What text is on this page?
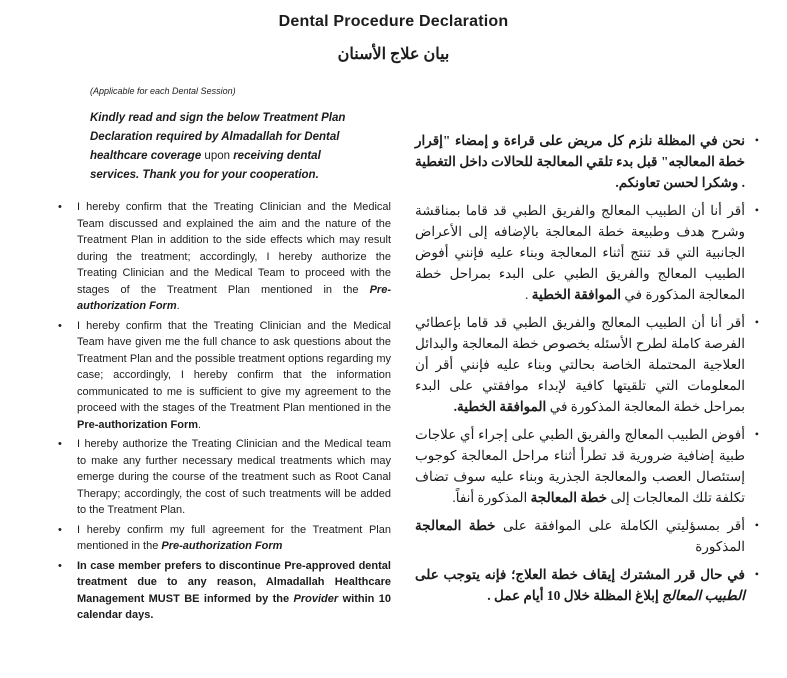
Dental Procedure Declaration
بيان علاج الأسنان
(Applicable for each Dental Session)
Kindly read and sign the below Treatment Plan Declaration required by Almadallah for Dental healthcare coverage upon receiving dental services. Thank you for your cooperation.
•	I hereby confirm that the Treating Clinician and the Medical Team discussed and explained the aim and the nature of the Treatment Plan in addition to the side effects which may result during the treatment; accordingly, I hereby authorize the Treating Clinician and the Medical Team to proceed with the stages of the Treatment Plan mentioned in the Pre-authorization Form.
•	I hereby confirm that the Treating Clinician and the Medical Team have given me the full chance to ask questions about the Treatment Plan and the possible treatment options regarding my case; accordingly, I hereby confirm that the information communicated to me is sufficient to give my agreement to the proceed with the stages of the Treatment Plan mentioned in the Pre-authorization Form.
•	I hereby authorize the Treating Clinician and the Medical team to make any further necessary medical treatments which may emerge during the course of the treatment such as Root Canal Therapy; accordingly, the cost of such treatments will be added to the Treatment Plan.
•	I hereby confirm my full agreement for the Treatment Plan mentioned in the Pre-authorization Form
•	In case member prefers to discontinue Pre-approved dental treatment due to any reason, Almadallah Healthcare Management MUST BE informed by the Provider within 10 calendar days.
•
نحن في المظلة نلزم كل مريض على قراءة و إمضاء "إقرار خطة المعالجه" قبل بدء تلقي المعالجة للحالات داخل التغطية . وشكرا لحسن تعاونكم.
•
أقر أنا أن الطبيب المعالج والفريق الطبي قد قاما بمناقشة وشرح هدف وطبيعة خطة المعالجة بالإضافه إلى الأعراض الجانبية التي قد تنتج أثناء المعالجة وبناء عليه فإنني أفوض الطبيب المعالج والفريق الطبي على البدء بمراحل خطة المعالجة المذكورة في الموافقة الخطية .
•
أقر أنا أن الطبيب المعالج والفريق الطبي قد قاما بإعطائي الفرصة كاملة لطرح الأسئله بخصوص خطة المعالجة والبدائل العلاجية المحتملة الخاصة بحالتي وبناء عليه فإنني أقر أن المعلومات التي تلقيتها كافية لإبداء موافقتي على البدء بمراحل خطة المعالجة المذكورة في الموافقة الخطية.
•
أفوض الطبيب المعالج والفريق الطبي على إجراء أي علاجات طبية إضافية ضرورية قد تطرأ أثناء مراحل المعالجة كوجوب إستئصال العصب والمعالجة الجذرية وبناء عليه سوف تضاف تكلفة تلك المعالجات إلى خطة المعالجة المذكورة أنفاً.
•
أقر بمسؤليتي الكاملة على الموافقة على خطة المعالجة المذكورة
•
في حال قرر المشترك إيقاف خطة العلاج؛ فإنه يتوجب على الطبيب المعالج إبلاغ المظلة خلال 10 أيام عمل .
